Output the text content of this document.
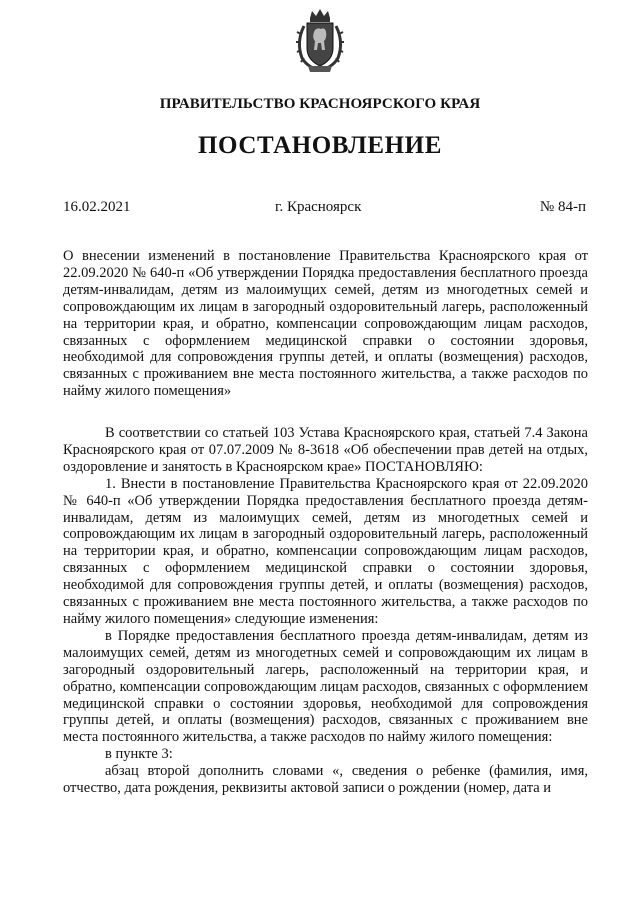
ПРАВИТЕЛЬСТВО КРАСНОЯРСКОГО КРАЯ
ПОСТАНОВЛЕНИЕ
16.02.2021	г. Красноярск	№ 84-п

О внесении изменений в постановление Правительства Красноярского края от 22.09.2020 № 640-п «Об утверждении Порядка предоставления бесплатного проезда детям-инвалидам, детям из малоимущих семей, детям из многодетных семей и сопровождающим их лицам в загородный оздоровительный лагерь, расположенный на территории края, и обратно, компенсации сопровождающим лицам расходов, связанных с оформлением медицинской справки о состоянии здоровья, необходимой для сопровождения группы детей, и оплаты (возмещения) расходов, связанных с проживанием вне места постоянного жительства, а также расходов по найму жилого помещения»

В соответствии со статьей 103 Устава Красноярского края, статьей 7.4 Закона Красноярского края от 07.07.2009 № 8-3618 «Об обеспечении прав детей на отдых, оздоровление и занятость в Красноярском крае» ПОСТАНОВЛЯЮ:

1. Внести в постановление Правительства Красноярского края от 22.09.2020 № 640-п «Об утверждении Порядка предоставления бесплатного проезда детям-инвалидам, детям из малоимущих семей, детям из многодетных семей и сопровождающим их лицам в загородный оздоровительный лагерь, расположенный на территории края, и обратно, компенсации сопровождающим лицам расходов, связанных с оформлением медицинской справки о состоянии здоровья, необходимой для сопровождения группы детей, и оплаты (возмещения) расходов, связанных с проживанием вне места постоянного жительства, а также расходов по найму жилого помещения» следующие изменения:

в Порядке предоставления бесплатного проезда детям-инвалидам, детям из малоимущих семей, детям из многодетных семей и сопровождающим их лицам в загородный оздоровительный лагерь, расположенный на территории края, и обратно, компенсации сопровождающим лицам расходов, связанных с оформлением медицинской справки о состоянии здоровья, необходимой для сопровождения группы детей, и оплаты (возмещения) расходов, связанных с проживанием вне места постоянного жительства, а также расходов по найму жилого помещения:

в пункте 3:

абзац второй дополнить словами «, сведения о ребенке (фамилия, имя, отчество, дата рождения, реквизиты актовой записи о рождении (номер, дата и
